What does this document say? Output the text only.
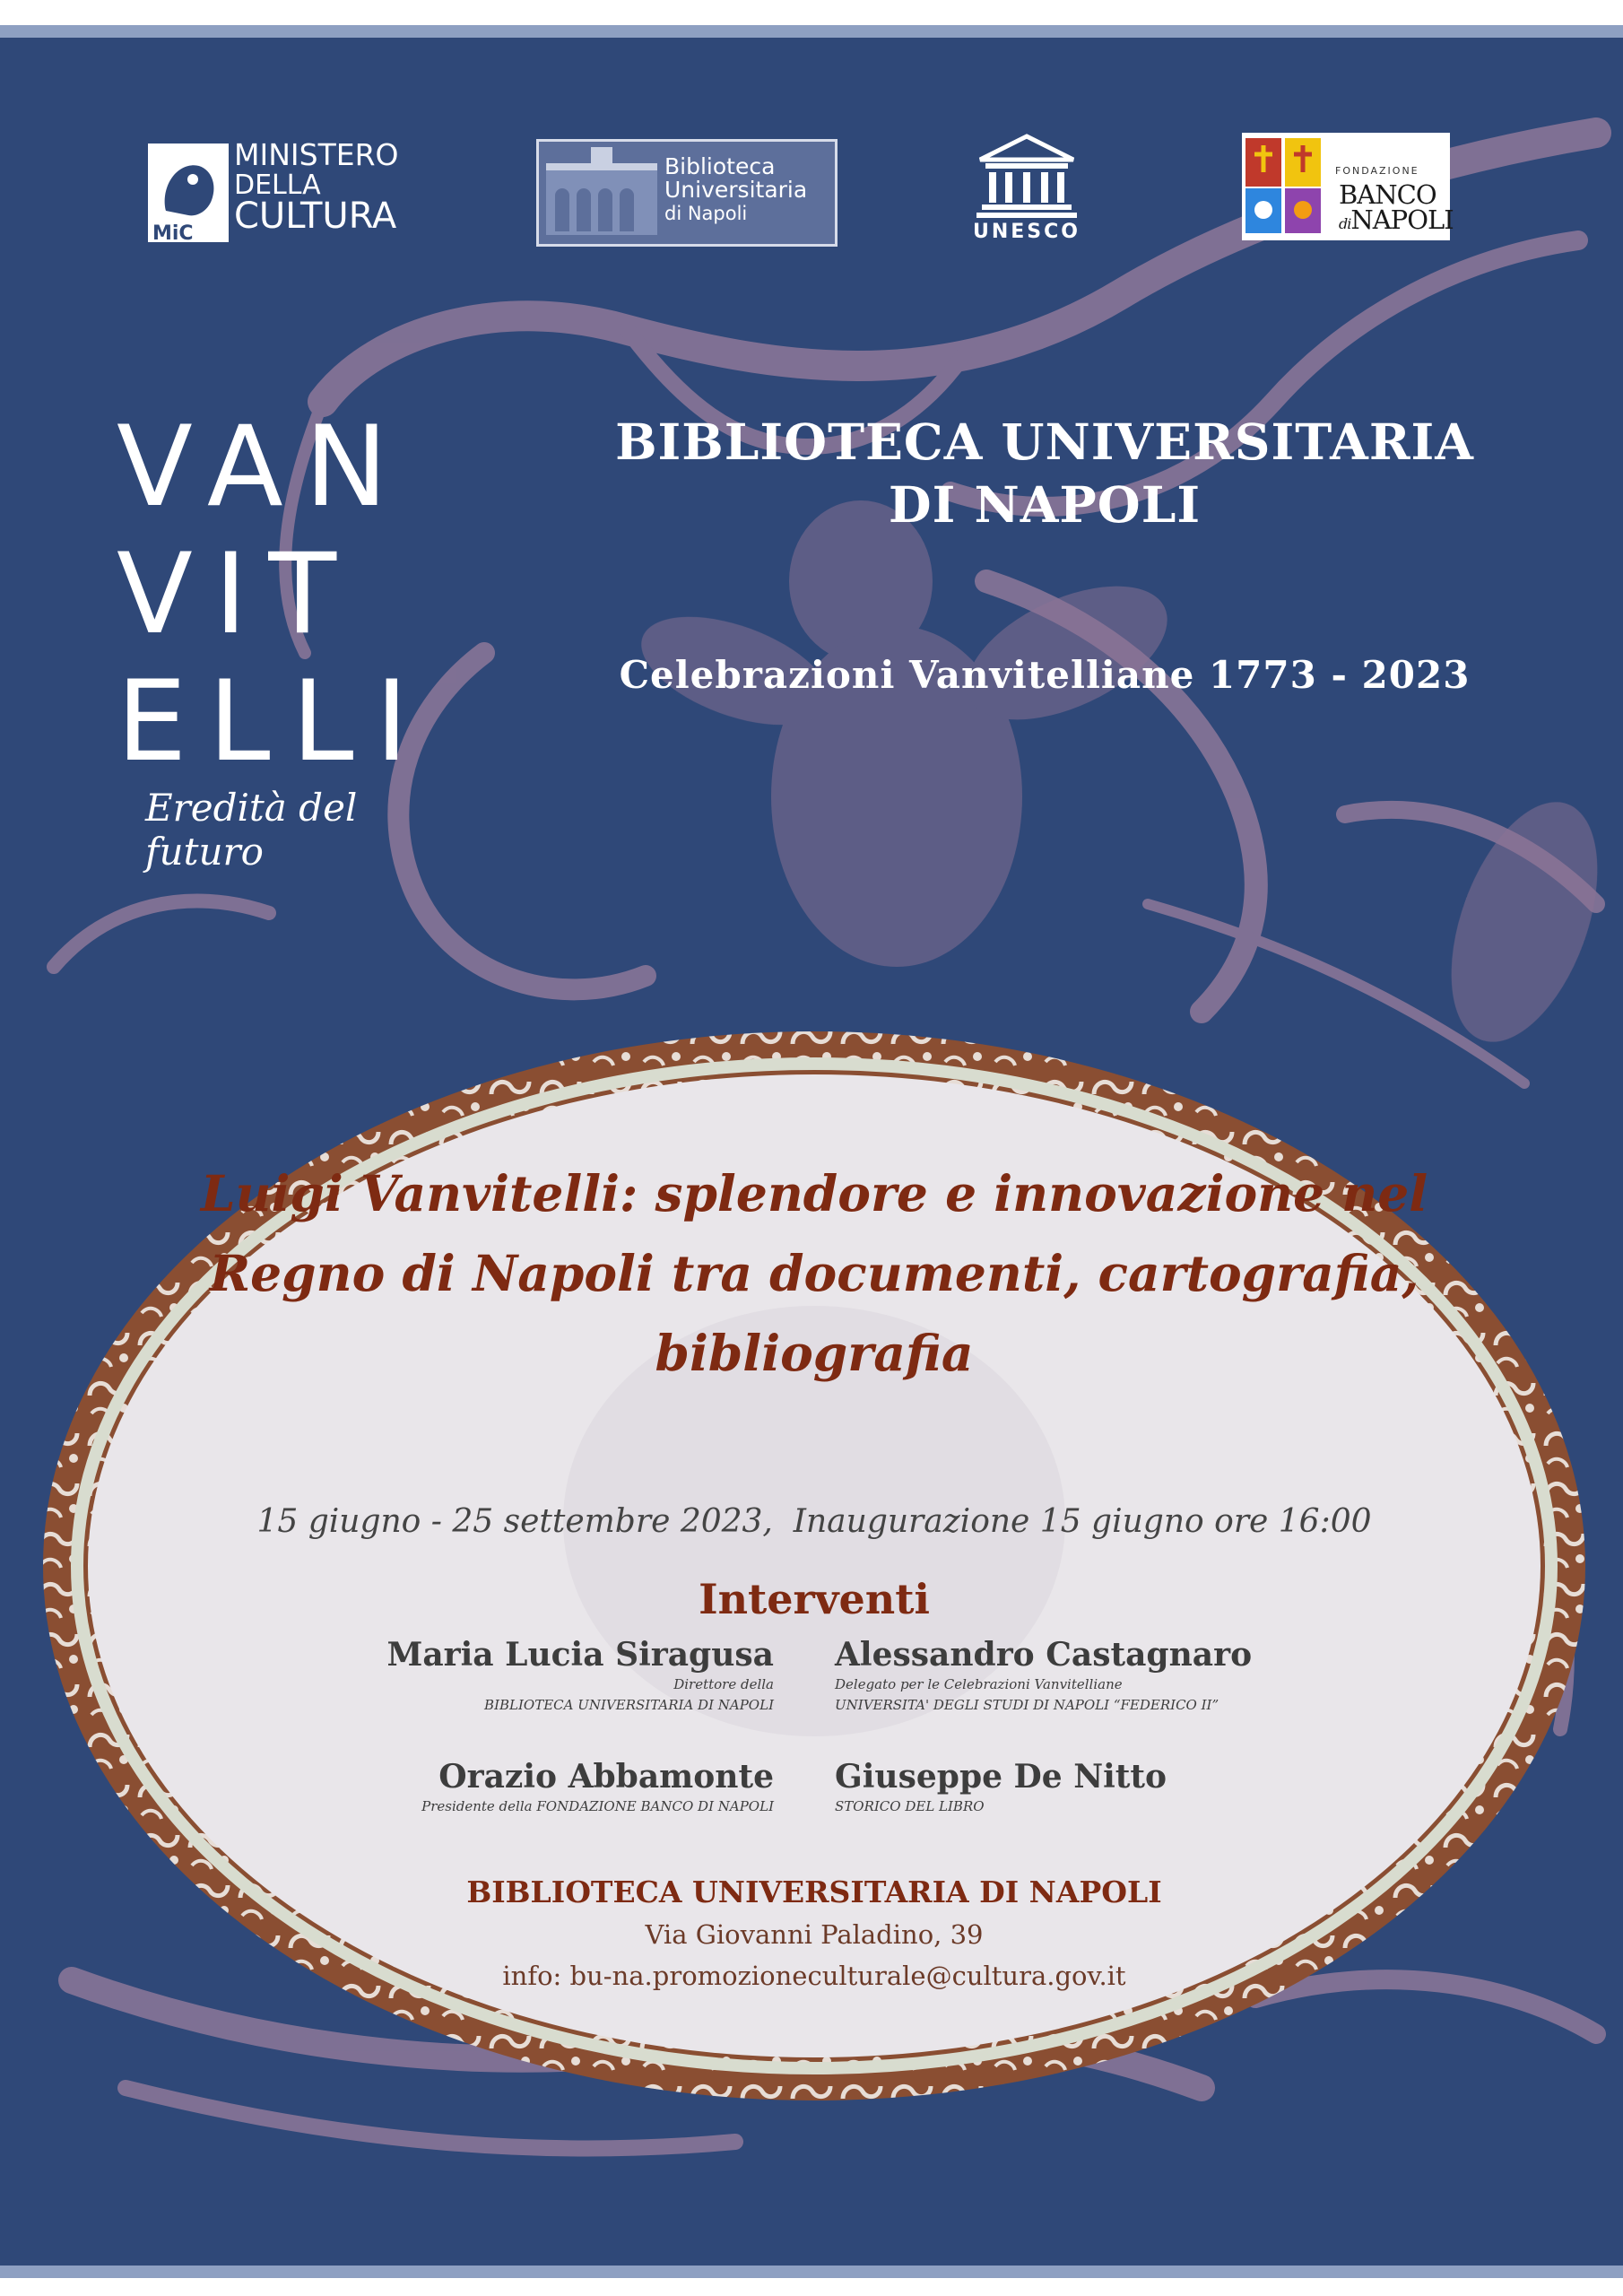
MINISTERO
DELLA
CULTURA
MiC
Biblioteca
Universitaria
di Napoli
UNESCO
FONDAZIONE
BANCO
diNAPOLI
VAN
VIT
ELLI
Eredità del futuro
BIBLIOTECA UNIVERSITARIA DI NAPOLI
Celebrazioni Vanvitelliane 1773 - 2023
Luigi Vanvitelli: splendore e innovazione nel Regno di Napoli tra documenti, cartografia, bibliografia
15 giugno - 25 settembre 2023,  Inaugurazione 15 giugno ore 16:00
Interventi
Maria Lucia Siragusa
Direttore della
BIBLIOTECA UNIVERSITARIA DI NAPOLI
Alessandro Castagnaro
Delegato per le Celebrazioni Vanvitelliane
UNIVERSITA' DEGLI STUDI DI NAPOLI “FEDERICO II”
Orazio Abbamonte
Presidente della FONDAZIONE BANCO DI NAPOLI
Giuseppe De Nitto
STORICO DEL LIBRO
BIBLIOTECA UNIVERSITARIA DI NAPOLI
Via Giovanni Paladino, 39
info: bu-na.promozioneculturale@cultura.gov.it
